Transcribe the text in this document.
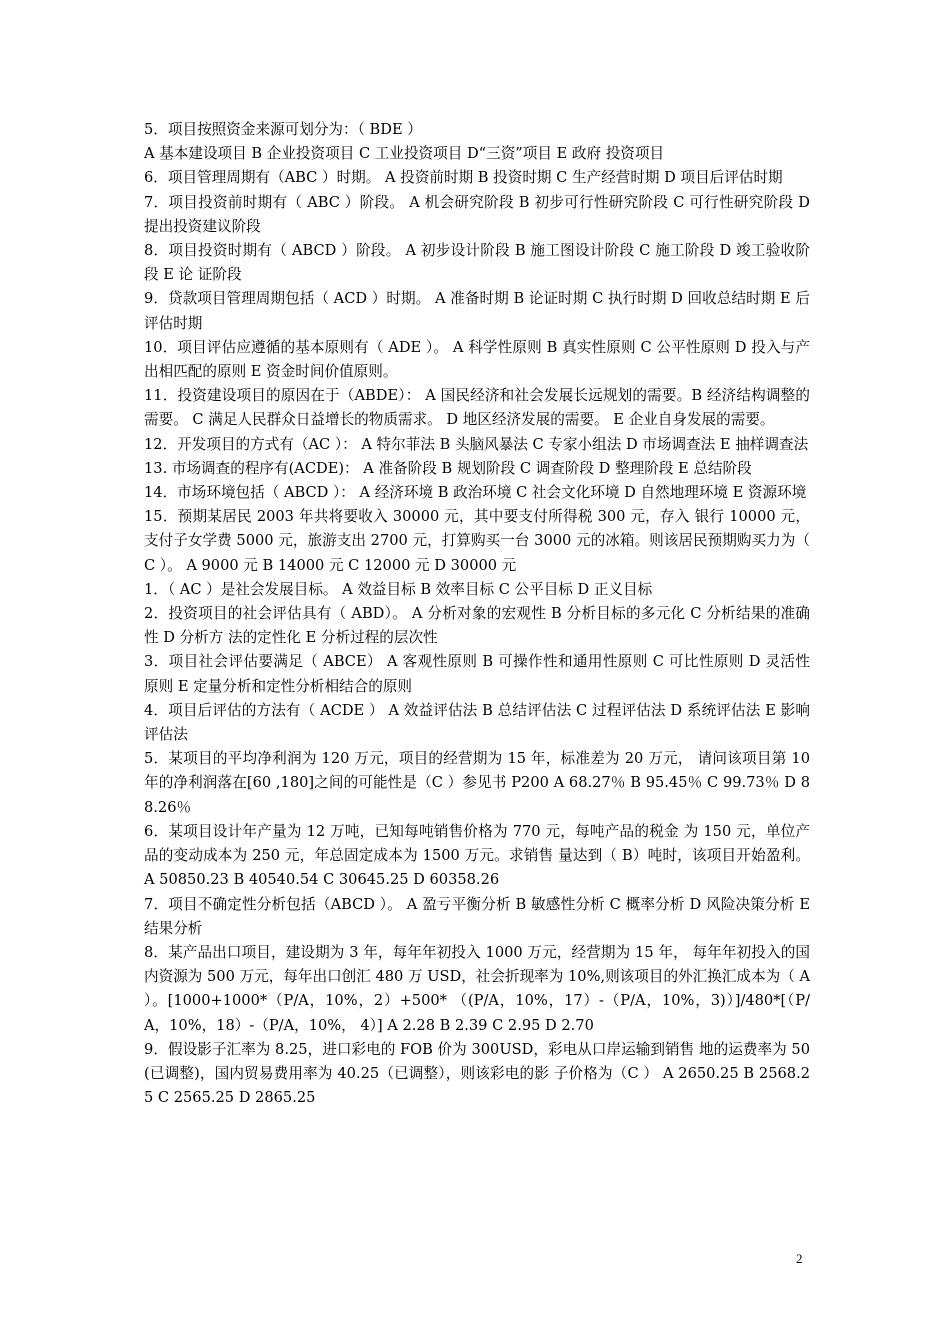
5．项目按照资金来源可划分为：（ BDE ）

A 基本建设项目 B 企业投资项目 C 工业投资项目 D“三资”项目 E 政府 投资项目

6．项目管理周期有（ABC ）时期。 A 投资前时期 B 投资时期 C 生产经营时期 D 项目后评估时期

7．项目投资前时期有（ ABC ）阶段。 A 机会研究阶段 B 初步可行性研究阶段 C 可行性研究阶段 D 提出投资建议阶段

8．项目投资时期有（ ABCD ）阶段。 A 初步设计阶段 B 施工图设计阶段 C 施工阶段 D 竣工验收阶段 E 论 证阶段

9．贷款项目管理周期包括（ ACD ）时期。 A 准备时期 B 论证时期 C 执行时期 D 回收总结时期 E 后评估时期

10．项目评估应遵循的基本原则有（ ADE ）。 A 科学性原则 B 真实性原则 C 公平性原则 D 投入与产出相匹配的原则 E 资金时间价值原则。

11．投资建设项目的原因在于（ABDE）： A 国民经济和社会发展长远规划的需要。B 经济结构调整的需要。 C 满足人民群众日益增长的物质需求。 D 地区经济发展的需要。 E 企业自身发展的需要。

12．开发项目的方式有（AC ）： A 特尔菲法 B 头脑风暴法 C 专家小组法 D 市场调查法 E 抽样调查法

13. 市场调查的程序有(ACDE)： A 准备阶段 B 规划阶段 C 调查阶段 D 整理阶段 E 总结阶段

14．市场环境包括（ ABCD ）： A 经济环境 B 政治环境 C 社会文化环境 D 自然地理环境 E 资源环境

15．预期某居民 2003 年共将要收入 30000 元，其中要支付所得税 300 元，存入 银行 10000 元，支付子女学费 5000 元，旅游支出 2700 元，打算购买一台 3000 元的冰箱。则该居民预期购买力为（ C ）。 A 9000 元 B 14000 元 C 12000 元 D 30000 元

1．（ AC ）是社会发展目标。 A 效益目标 B 效率目标 C 公平目标 D 正义目标

2．投资项目的社会评估具有（ ABD）。 A 分析对象的宏观性 B 分析目标的多元化 C 分析结果的准确性 D 分析方 法的定性化 E 分析过程的层次性

3．项目社会评估要满足（ ABCE） A 客观性原则 B 可操作性和通用性原则 C 可比性原则 D 灵活性 原则 E 定量分析和定性分析相结合的原则

4．项目后评估的方法有（ ACDE ） A 效益评估法 B 总结评估法 C 过程评估法 D 系统评估法 E 影响评估法

5．某项目的平均净利润为 120 万元，项目的经营期为 15 年，标准差为 20 万元， 请问该项目第 10 年的净利润落在[60 ,180]之间的可能性是（C ）参见书 P200 A 68.27％ B 95.45％ C 99.73％ D 88.26％

6．某项目设计年产量为 12 万吨，已知每吨销售价格为 770 元，每吨产品的税金 为 150 元，单位产品的变动成本为 250 元，年总固定成本为 1500 万元。求销售 量达到（ B）吨时，该项目开始盈利。 A 50850.23 B 40540.54 C 30645.25 D 60358.26

7．项目不确定性分析包括（ABCD ）。 A 盈亏平衡分析 B 敏感性分析 C 概率分析 D 风险决策分析 E 结果分析

8．某产品出口项目，建设期为 3 年，每年年初投入 1000 万元，经营期为 15 年， 每年年初投入的国内资源为 500 万元，每年出口创汇 480 万 USD，社会折现率为 10%,则该项目的外汇换汇成本为（ A ）。[1000+1000*（P/A，10%，2）+500* （(P/A，10%，17）-（P/A，10%，3)）]/480*[（P/A，10%，18）-（P/A，10%， 4）] A 2.28 B 2.39 C 2.95 D 2.70

9．假设影子汇率为 8.25，进口彩电的 FOB 价为 300USD，彩电从口岸运输到销售 地的运费率为 50(已调整)，国内贸易费用率为 40.25（已调整），则该彩电的影 子价格为（C ） A 2650.25 B 2568.25 C 2565.25 D 2865.25

2
